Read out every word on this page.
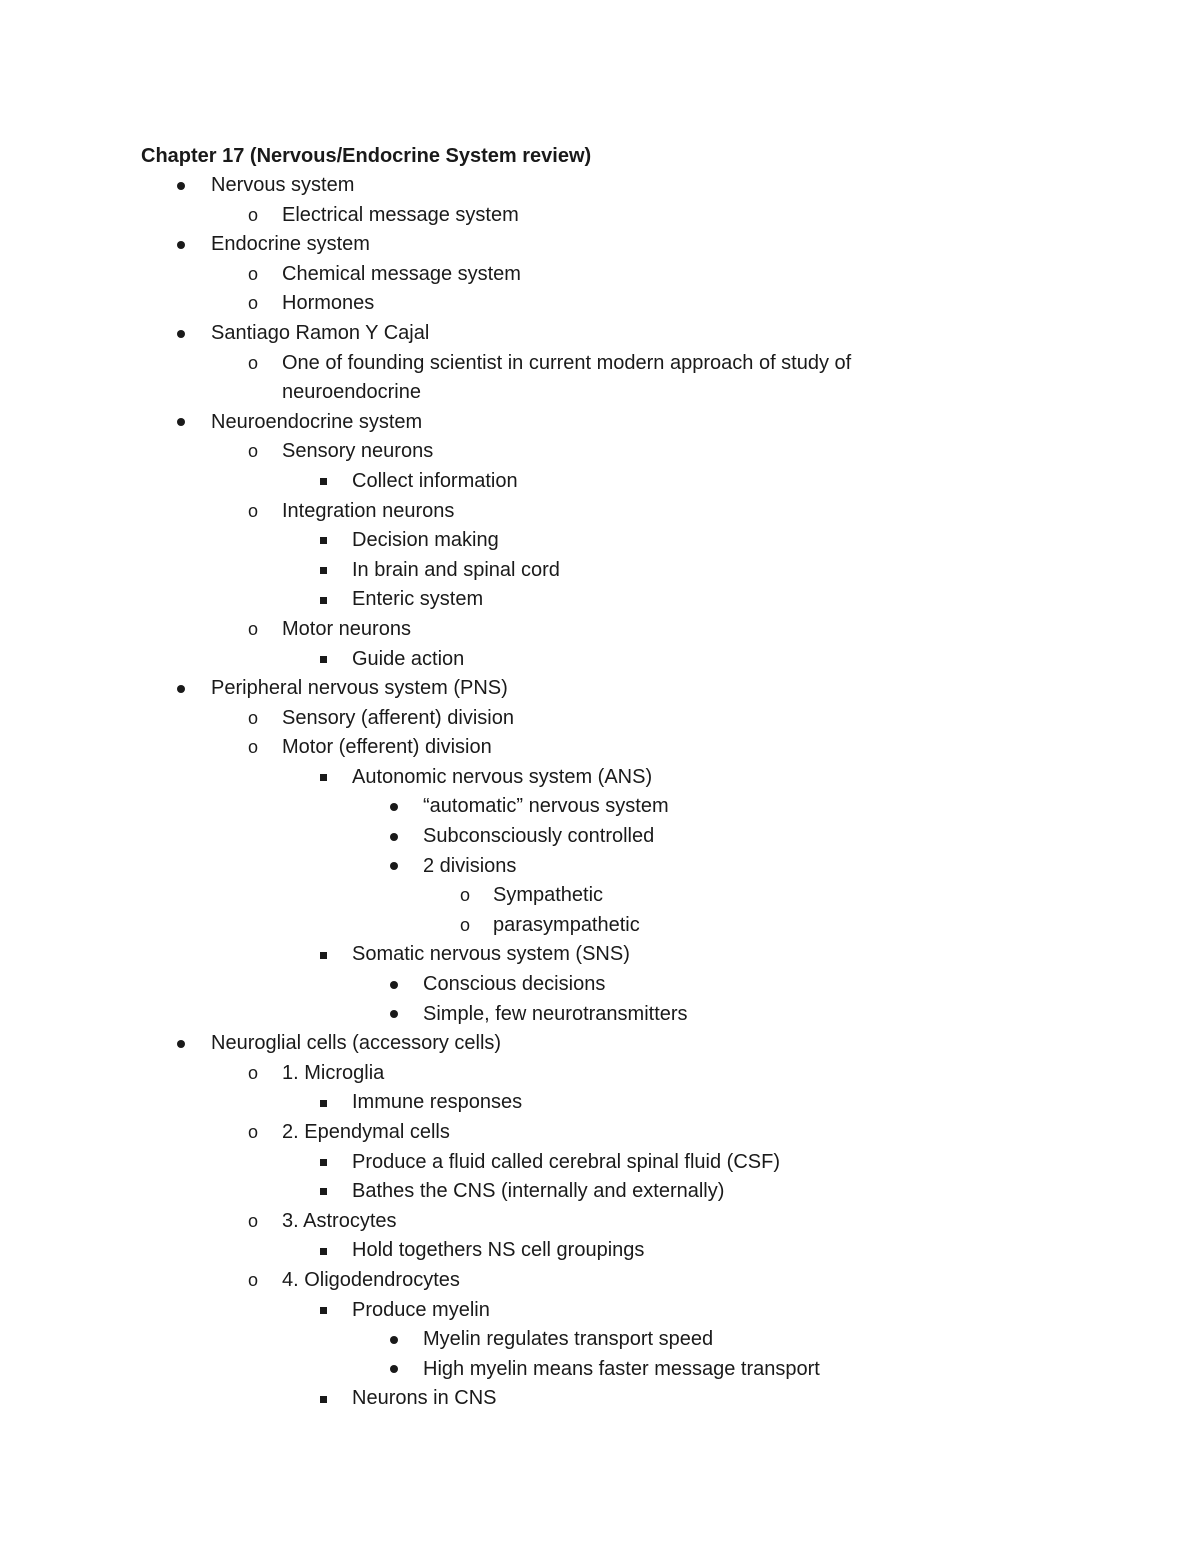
Chapter 17 (Nervous/Endocrine System review)
Nervous system
o Electrical message system
Endocrine system
o Chemical message system
o Hormones
Santiago Ramon Y Cajal
o One of founding scientist in current modern approach of study of neuroendocrine
Neuroendocrine system
o Sensory neurons
Collect information
o Integration neurons
Decision making
In brain and spinal cord
Enteric system
o Motor neurons
Guide action
Peripheral nervous system (PNS)
o Sensory (afferent) division
o Motor (efferent) division
Autonomic nervous system (ANS)
“automatic” nervous system
Subconsciously controlled
2 divisions
o Sympathetic
o parasympathetic
Somatic nervous system (SNS)
Conscious decisions
Simple, few neurotransmitters
Neuroglial cells (accessory cells)
o 1. Microglia
Immune responses
o 2. Ependymal cells
Produce a fluid called cerebral spinal fluid (CSF)
Bathes the CNS (internally and externally)
o 3. Astrocytes
Hold togethers NS cell groupings
o 4. Oligodendrocytes
Produce myelin
Myelin regulates transport speed
High myelin means faster message transport
Neurons in CNS
